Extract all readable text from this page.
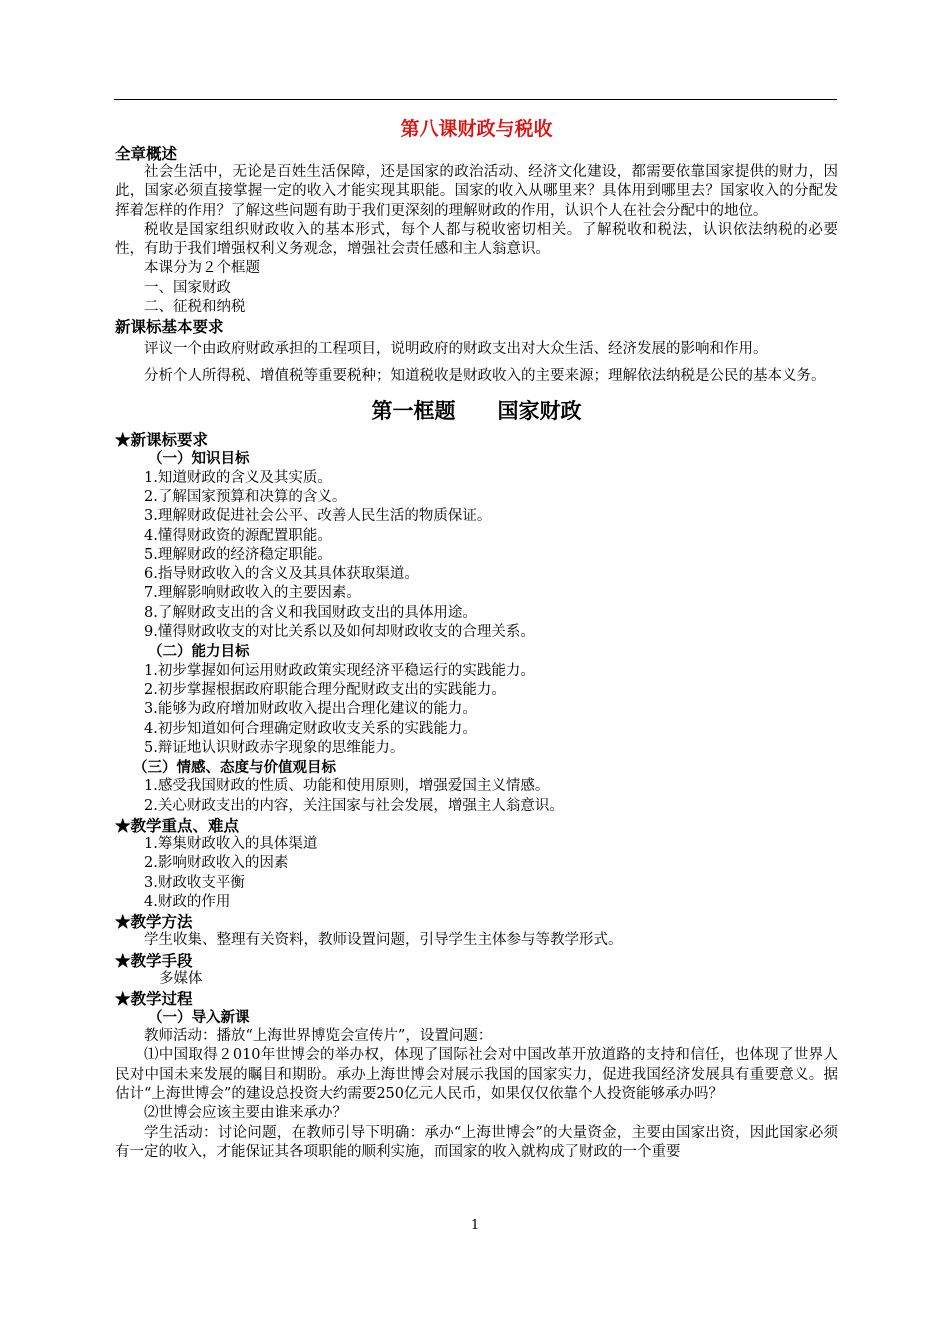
第八课财政与税收

全章概述

社会生活中，无论是百姓生活保障，还是国家的政治活动、经济文化建设，都需要依靠国家提供的财力，因此，国家必须直接掌握一定的收入才能实现其职能。国家的收入从哪里来？具体用到哪里去？国家收入的分配发挥着怎样的作用？了解这些问题有助于我们更深刻的理解财政的作用，认识个人在社会分配中的地位。

税收是国家组织财政收入的基本形式，每个人都与税收密切相关。了解税收和税法，认识依法纳税的必要性，有助于我们增强权利义务观念，增强社会责任感和主人翁意识。

本课分为２个框题

一、国家财政

二、征税和纳税

新课标基本要求

评议一个由政府财政承担的工程项目，说明政府的财政支出对大众生活、经济发展的影响和作用。

分析个人所得税、增值税等重要税种；知道税收是财政收入的主要来源；理解依法纳税是公民的基本义务。

第一框题　　国家财政

★新课标要求

（一）知识目标

1.知道财政的含义及其实质。

2.了解国家预算和决算的含义。

3.理解财政促进社会公平、改善人民生活的物质保证。

4.懂得财政资的源配置职能。

5.理解财政的经济稳定职能。

6.指导财政收入的含义及其具体获取渠道。

7.理解影响财政收入的主要因素。

8.了解财政支出的含义和我国财政支出的具体用途。

9.懂得财政收支的对比关系以及如何却财政收支的合理关系。

（二）能力目标

1.初步掌握如何运用财政政策实现经济平稳运行的实践能力。

2.初步掌握根据政府职能合理分配财政支出的实践能力。

3.能够为政府增加财政收入提出合理化建议的能力。

4.初步知道如何合理确定财政收支关系的实践能力。

5.辩证地认识财政赤字现象的思维能力。

（三）情感、态度与价值观目标

1.感受我国财政的性质、功能和使用原则，增强爱国主义情感。

2.关心财政支出的内容，关注国家与社会发展，增强主人翁意识。

★教学重点、难点

1.筹集财政收入的具体渠道

2.影响财政收入的因素

3.财政收支平衡

4.财政的作用

★教学方法

学生收集、整理有关资料，教师设置问题，引导学生主体参与等教学形式。

★教学手段

多媒体

★教学过程

（一）导入新课

教师活动：播放“上海世界博览会宣传片”，设置问题：

⑴中国取得２010年世博会的举办权，体现了国际社会对中国改革开放道路的支持和信任，也体现了世界人民对中国未来发展的瞩目和期盼。承办上海世博会对展示我国的国家实力，促进我国经济发展具有重要意义。据估计“上海世博会”的建设总投资大约需要250亿元人民币，如果仅仅依靠个人投资能够承办吗？

⑵世博会应该主要由谁来承办？

学生活动：讨论问题，在教师引导下明确：承办“上海世博会”的大量资金，主要由国家出资，因此国家必须有一定的收入，才能保证其各项职能的顺利实施，而国家的收入就构成了财政的一个重要

1
